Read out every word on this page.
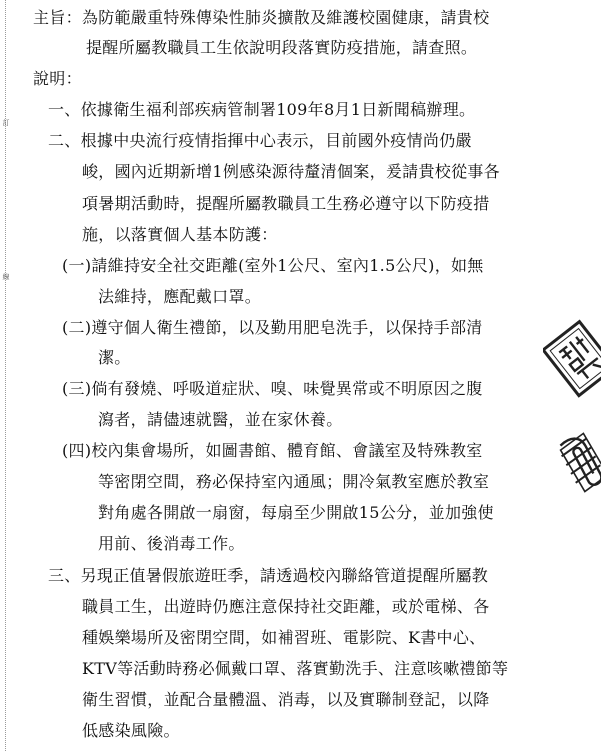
訂
線
主旨：為防範嚴重特殊傳染性肺炎擴散及維護校園健康，請貴校
提醒所屬教職員工生依說明段落實防疫措施，請查照。
說明：
一、依據衛生福利部疾病管制署109年8月1日新聞稿辦理。
二、根據中央流行疫情指揮中心表示，目前國外疫情尚仍嚴
峻，國內近期新增1例感染源待釐清個案，爰請貴校從事各
項暑期活動時，提醒所屬教職員工生務必遵守以下防疫措
施，以落實個人基本防護：
(一)請維持安全社交距離(室外1公尺、室內1.5公尺)，如無
法維持，應配戴口罩。
(二)遵守個人衛生禮節，以及勤用肥皂洗手，以保持手部清
潔。
(三)倘有發燒、呼吸道症狀、嗅、味覺異常或不明原因之腹
瀉者，請儘速就醫，並在家休養。
(四)校內集會場所，如圖書館、體育館、會議室及特殊教室
等密閉空間，務必保持室內通風；開冷氣教室應於教室
對角處各開啟一扇窗，每扇至少開啟15公分，並加強使
用前、後消毒工作。
三、另現正值暑假旅遊旺季，請透過校內聯絡管道提醒所屬教
職員工生，出遊時仍應注意保持社交距離，或於電梯、各
種娛樂場所及密閉空間，如補習班、電影院、K書中心、
KTV等活動時務必佩戴口罩、落實勤洗手、注意咳嗽禮節等
衛生習慣，並配合量體溫、消毒，以及實聯制登記，以降
低感染風險。
